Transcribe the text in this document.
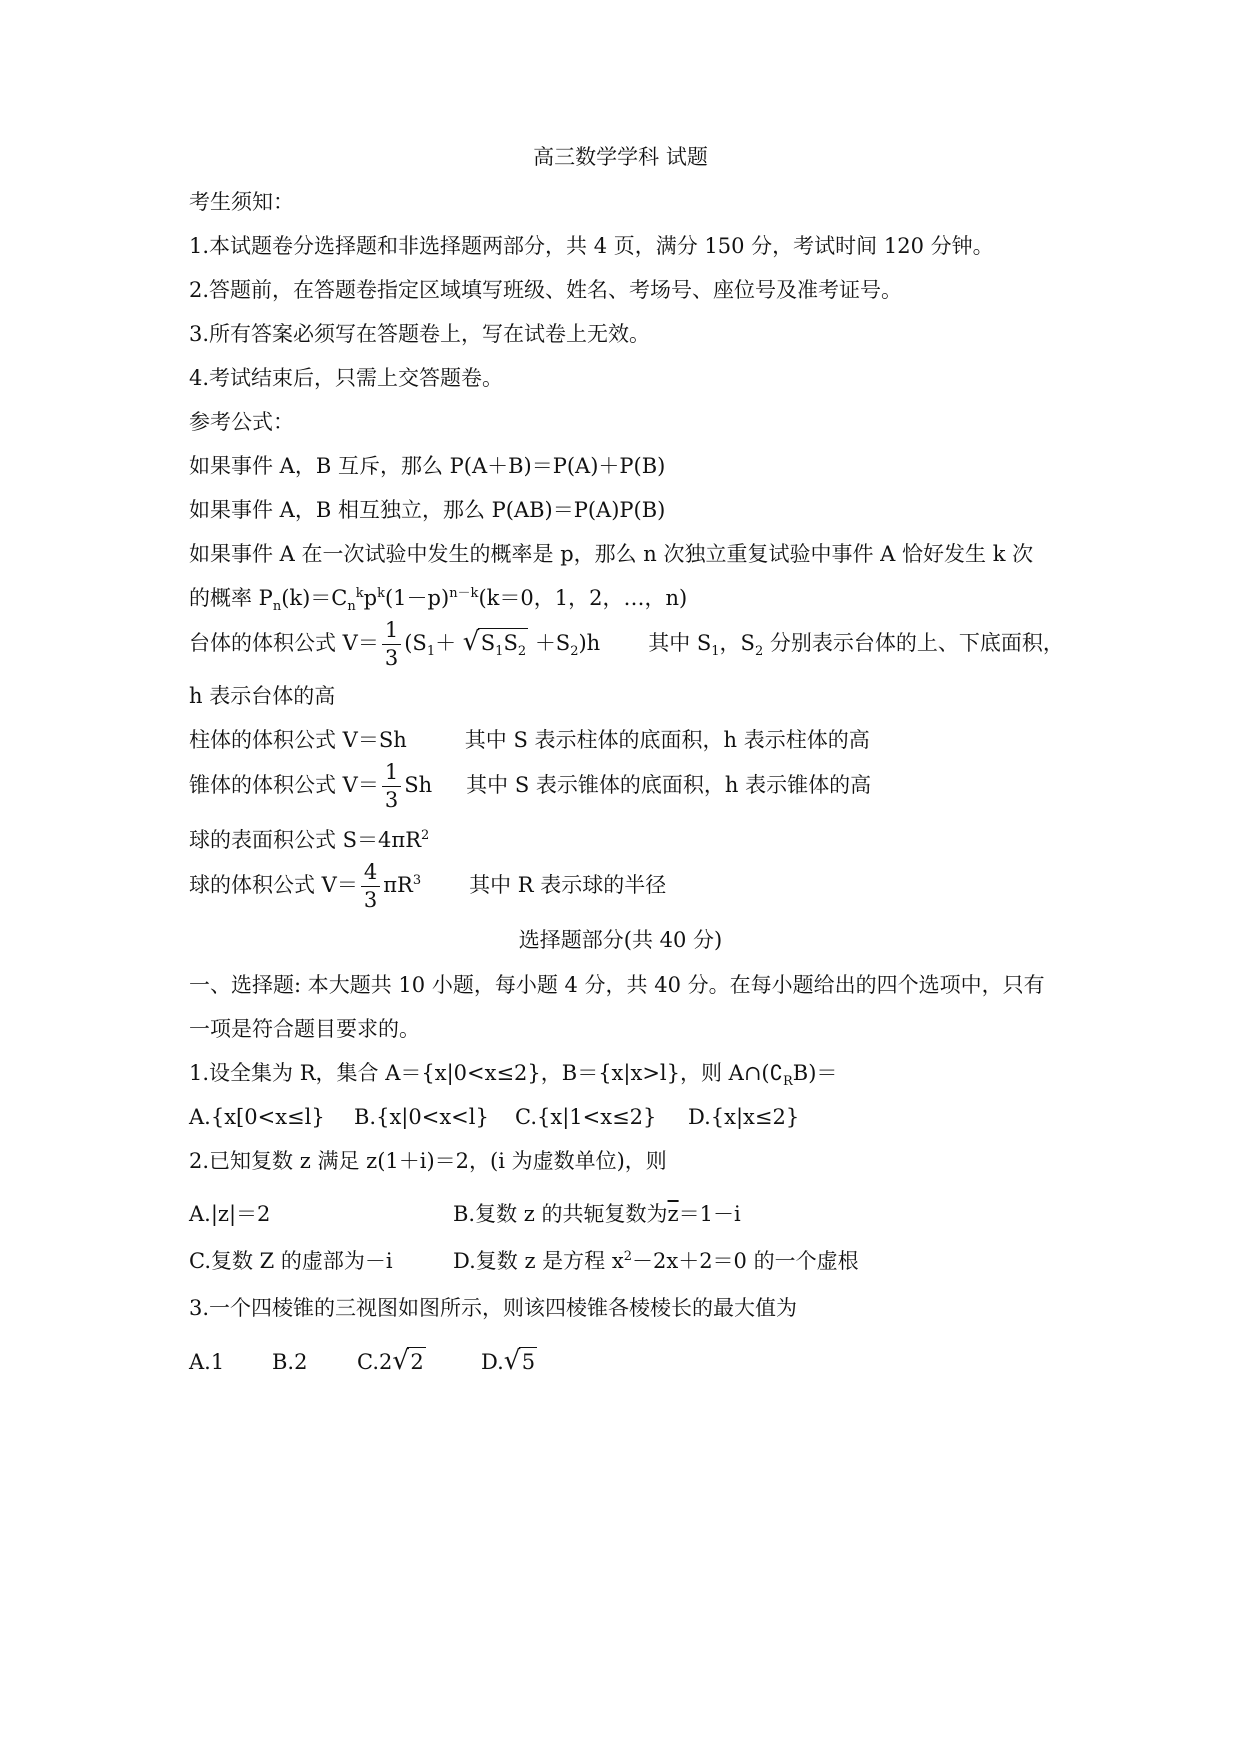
高三数学学科 试题
考生须知：
1.本试题卷分选择题和非选择题两部分，共 4 页，满分 150 分，考试时间 120 分钟。
2.答题前，在答题卷指定区域填写班级、姓名、考场号、座位号及准考证号。
3.所有答案必须写在答题卷上，写在试卷上无效。
4.考试结束后，只需上交答题卷。
参考公式：
如果事件 A，B 互斥，那么 P(A＋B)＝P(A)＋P(B)
如果事件 A，B 相互独立，那么 P(AB)＝P(A)P(B)
如果事件 A 在一次试验中发生的概率是 p，那么 n 次独立重复试验中事件 A 恰好发生 k 次
的概率 $P_n(k)=C_n^kp^k(1-p)^{n-k}(k=0$，1，2，…，n)
台体的体积公式 $V= \frac{1}{3} (S_1+$ √ $S_1S_2 +S_2)h$ 其中 $S_1$，$S_2$ 分别表示台体的上、下底面积，
h 表示台体的高
柱体的体积公式 V＝Sh	其中 S 表示柱体的底面积，h 表示柱体的高
锥体的体积公式 $V= \frac{1}{3}$ Sh 其中 S 表示锥体的底面积，h 表示锥体的高
球的表面积公式 $S=4\pi R^2$
球的体积公式 $V= \frac{4}{3} \pi R^3$ 其中 R 表示球的半径
选择题部分(共 40 分)
一、选择题: 本大题共 10 小题，每小题 4 分，共 40 分。在每小题给出的四个选项中，只有
一项是符合题目要求的。
1.设全集为 R，集合 A＝{x|0<x≤2}，B＝{x|x>l}，则 $A\cap(∁_RB)=$
A.{x[0<x≤l} B.{x|0<x<l} C.{x|1<x≤2} D.{x|x≤2}
2.已知复数 z 满足 z(1＋i)＝2，(i 为虚数单位)，则
A.|z|＝2	B.复数 z 的共轭复数为$\overline{z}=1-i$
C.复数 Z 的虚部为－i	D.复数 z 是方程 $x^2-2x+2=0$ 的一个虚根
3.一个四棱锥的三视图如图所示，则该四棱锥各棱棱长的最大值为
A.1 B.2 C.2 √ 2	D. √ 5
